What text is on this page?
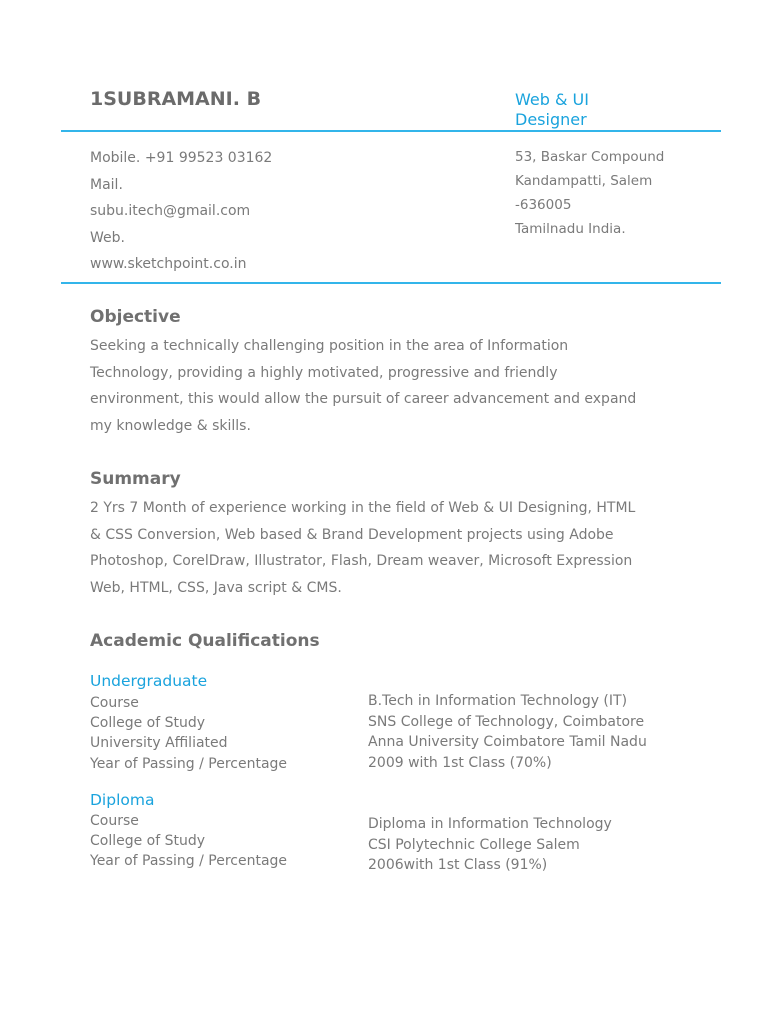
1SUBRAMANI. B	Web & UI
Designer
Mobile. +91 99523 03162
Mail.
subu.itech@gmail.com
Web.
www.sketchpoint.co.in
53, Baskar Compound
Kandampatti, Salem
-636005
Tamilnadu India.
Objective
Seeking a technically challenging position in the area of Information
Technology, providing a highly motivated, progressive and friendly
environment, this would allow the pursuit of career advancement and expand
my knowledge & skills.
Summary
2 Yrs 7 Month of experience working in the field of Web & UI Designing, HTML
& CSS Conversion, Web based & Brand Development projects using Adobe
Photoshop, CorelDraw, Illustrator, Flash, Dream weaver, Microsoft Expression
Web, HTML, CSS, Java script & CMS.
Academic Qualifications
Undergraduate
Course
College of Study
University Affiliated
Year of Passing / Percentage
B.Tech in Information Technology (IT)
SNS College of Technology, Coimbatore
Anna University Coimbatore Tamil Nadu
2009 with 1st Class (70%)
Diploma
Course
College of Study
Year of Passing / Percentage
Diploma in Information Technology
CSI Polytechnic College Salem
2006with 1st Class (91%)
